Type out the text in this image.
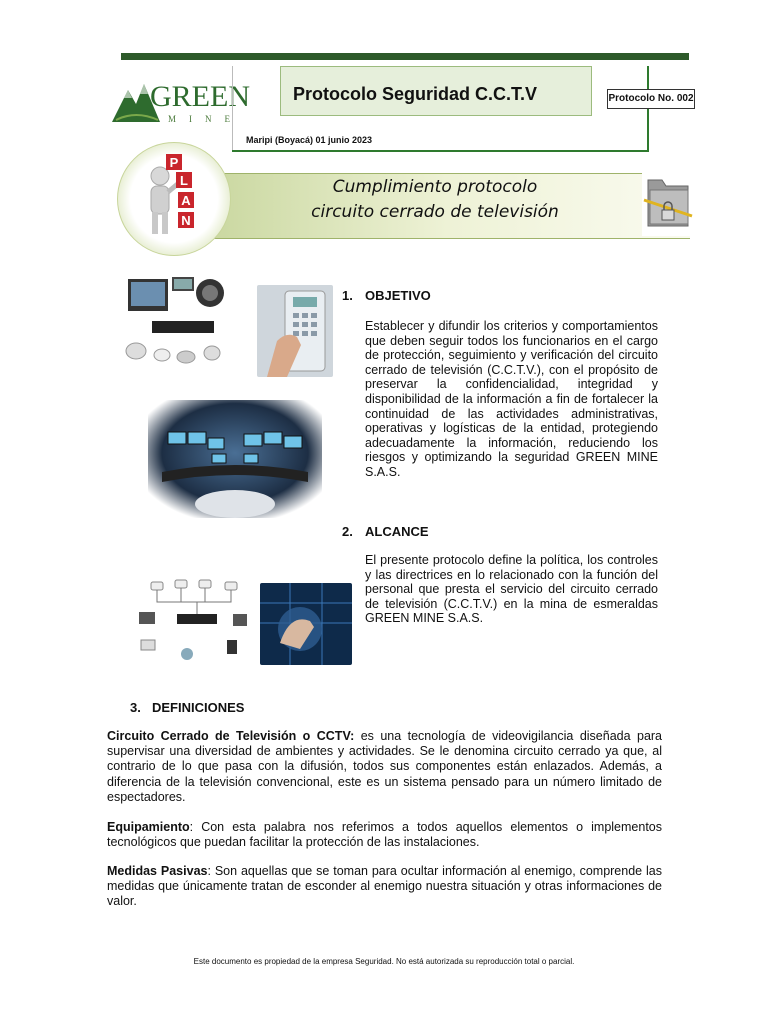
GREEN
MINE
Protocolo Seguridad C.C.T.V	Protocolo No. 002
Maripi (Boyacá) 01 junio 2023
P
L
A
N
Cumplimiento protocolo
circuito cerrado de televisión
1. OBJETIVO
Establecer y difundir los criterios y comportamientos que deben seguir todos los funcionarios en el cargo de protección, seguimiento y verificación del circuito cerrado de televisión (C.C.T.V.), con el propósito de preservar la confidencialidad, integridad y disponibilidad de la información a fin de fortalecer la continuidad de las actividades administrativas, operativas y logísticas de la entidad, protegiendo adecuadamente la información, reduciendo los riesgos y optimizando la seguridad GREEN MINE S.A.S.
2. ALCANCE
El presente protocolo define la política, los controles y las directrices en lo relacionado con la función del personal que presta el servicio del circuito cerrado de televisión (C.C.T.V.) en la mina de esmeraldas GREEN MINE S.A.S.
3. DEFINICIONES
Circuito Cerrado de Televisión o CCTV: es una tecnología de videovigilancia diseñada para supervisar una diversidad de ambientes y actividades. Se le denomina circuito cerrado ya que, al contrario de lo que pasa con la difusión, todos sus componentes están enlazados. Además, a diferencia de la televisión convencional, este es un sistema pensado para un número limitado de espectadores.
Equipamiento: Con esta palabra nos referimos a todos aquellos elementos o implementos tecnológicos que puedan facilitar la protección de las instalaciones.
Medidas Pasivas: Son aquellas que se toman para ocultar información al enemigo, comprende las medidas que únicamente tratan de esconder al enemigo nuestra situación y otras informaciones de valor.
Este documento es propiedad de la empresa Seguridad. No está autorizada su reproducción total o parcial.
